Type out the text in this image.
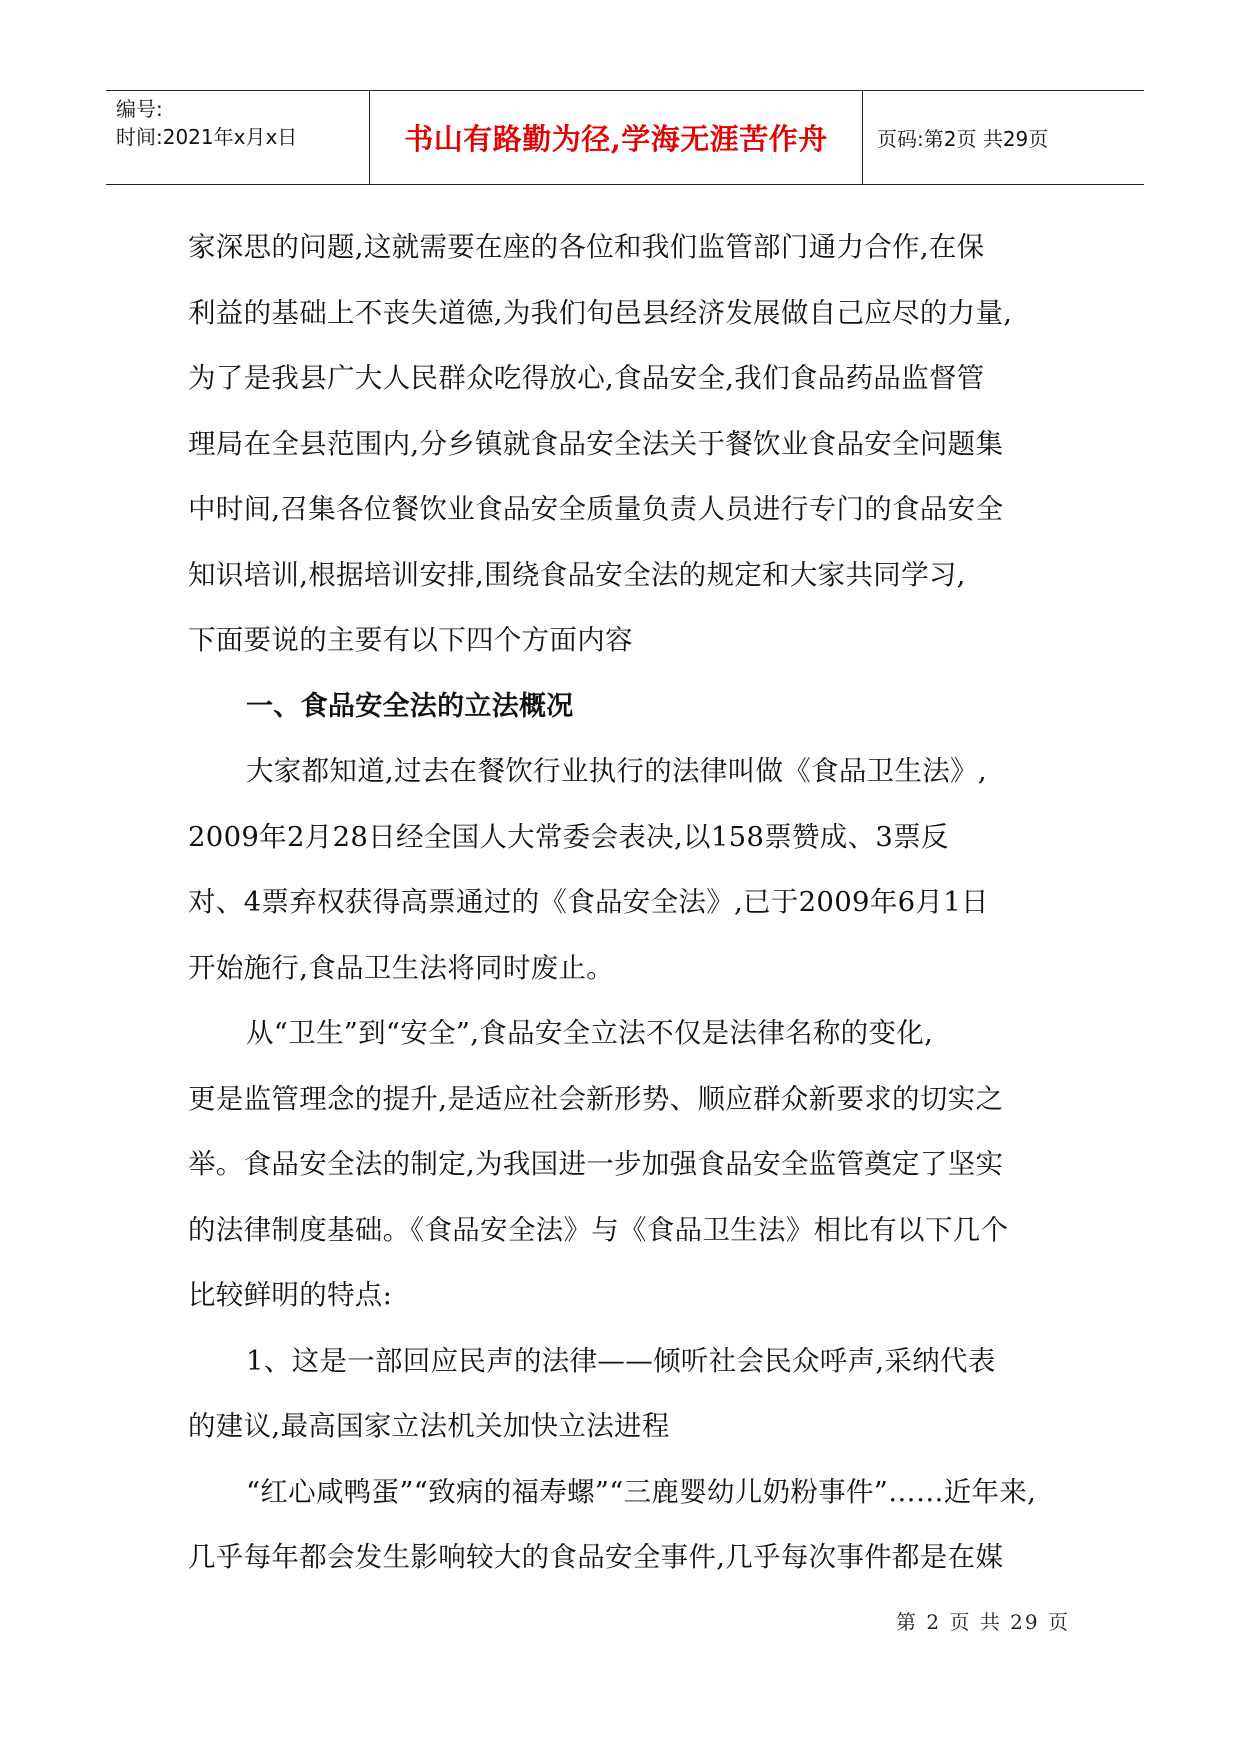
编号:
时间:2021年x月x日	书山有路勤为径,学海无涯苦作舟 页码:第2页 共29页

家深思的问题,这就需要在座的各位和我们监管部门通力合作,在保

利益的基础上不丧失道德,为我们旬邑县经济发展做自己应尽的力量,

为了是我县广大人民群众吃得放心,食品安全,我们食品药品监督管

理局在全县范围内,分乡镇就食品安全法关于餐饮业食品安全问题集

中时间,召集各位餐饮业食品安全质量负责人员进行专门的食品安全

知识培训,根据培训安排,围绕食品安全法的规定和大家共同学习,

下面要说的主要有以下四个方面内容

一、食品安全法的立法概况

大家都知道,过去在餐饮行业执行的法律叫做《食品卫生法》,

2009年2月28日经全国人大常委会表决,以158票赞成、3票反

对、4票弃权获得高票通过的《食品安全法》,已于2009年6月1日

开始施行,食品卫生法将同时废止。

从“卫生”到“安全”,食品安全立法不仅是法律名称的变化,

更是监管理念的提升,是适应社会新形势、顺应群众新要求的切实之

举。食品安全法的制定,为我国进一步加强食品安全监管奠定了坚实

的法律制度基础。《食品安全法》与《食品卫生法》相比有以下几个

比较鲜明的特点:

1、这是一部回应民声的法律——倾听社会民众呼声,采纳代表

的建议,最高国家立法机关加快立法进程

“红心咸鸭蛋”“致病的福寿螺”“三鹿婴幼儿奶粉事件”……近年来,

几乎每年都会发生影响较大的食品安全事件,几乎每次事件都是在媒

第 2 页 共 29 页
